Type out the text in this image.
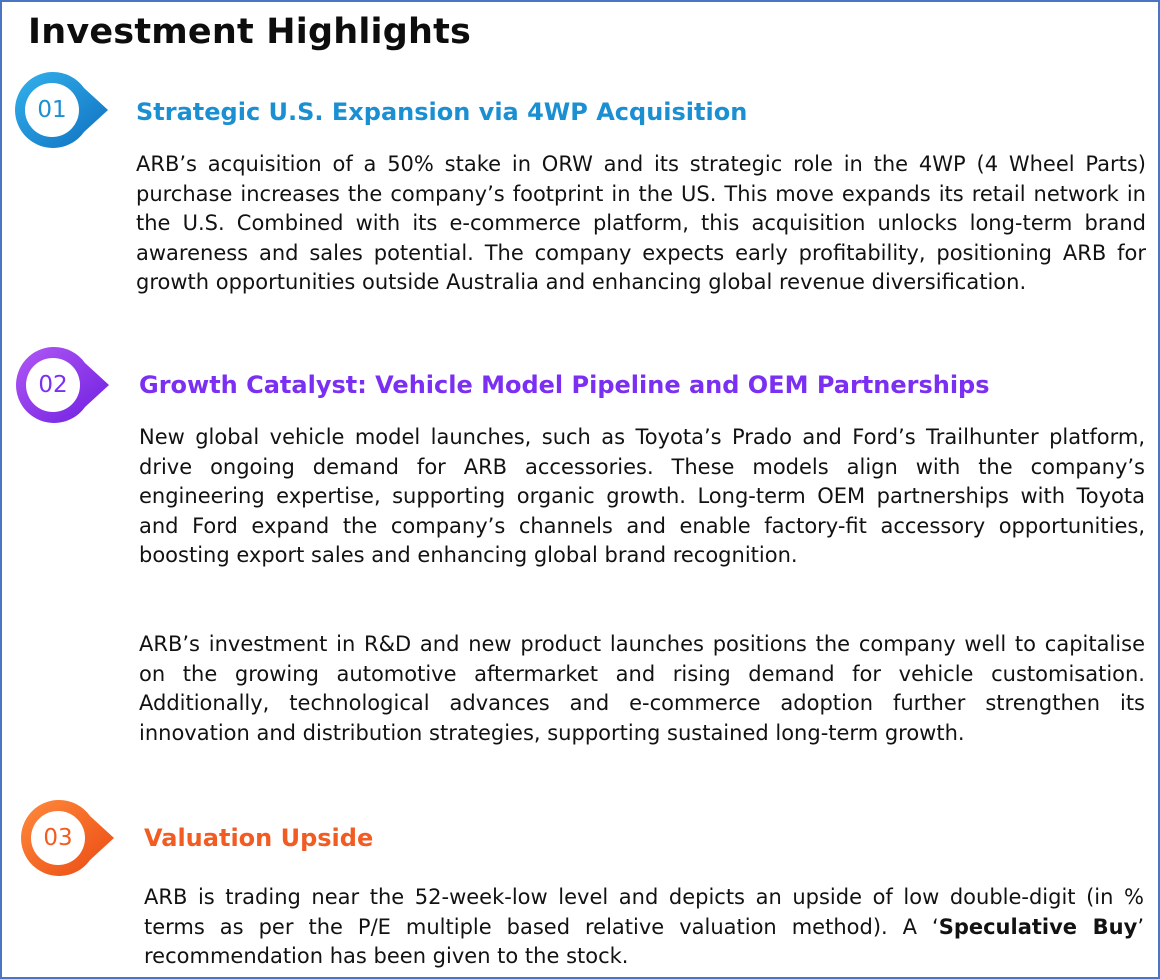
Investment Highlights
01	Strategic U.S. Expansion via 4WP Acquisition

ARB’s acquisition of a 50% stake in ORW and its strategic role in the 4WP (4 Wheel Parts) purchase increases the company’s footprint in the US. This move expands its retail network in the U.S. Combined with its e-commerce platform, this acquisition unlocks long-term brand awareness and sales potential. The company expects early profitability, positioning ARB for growth opportunities outside Australia and enhancing global revenue diversification.

02	Growth Catalyst: Vehicle Model Pipeline and OEM Partnerships

New global vehicle model launches, such as Toyota’s Prado and Ford’s Trailhunter platform, drive ongoing demand for ARB accessories. These models align with the company’s engineering expertise, supporting organic growth. Long-term OEM partnerships with Toyota and Ford expand the company’s channels and enable factory-fit accessory opportunities, boosting export sales and enhancing global brand recognition.

ARB’s investment in R&D and new product launches positions the company well to capitalise on the growing automotive aftermarket and rising demand for vehicle customisation. Additionally, technological advances and e-commerce adoption further strengthen its innovation and distribution strategies, supporting sustained long-term growth.

03	Valuation Upside

ARB is trading near the 52-week-low level and depicts an upside of low double-digit (in % terms as per the P/E multiple based relative valuation method). A ‘Speculative Buy’ recommendation has been given to the stock.
